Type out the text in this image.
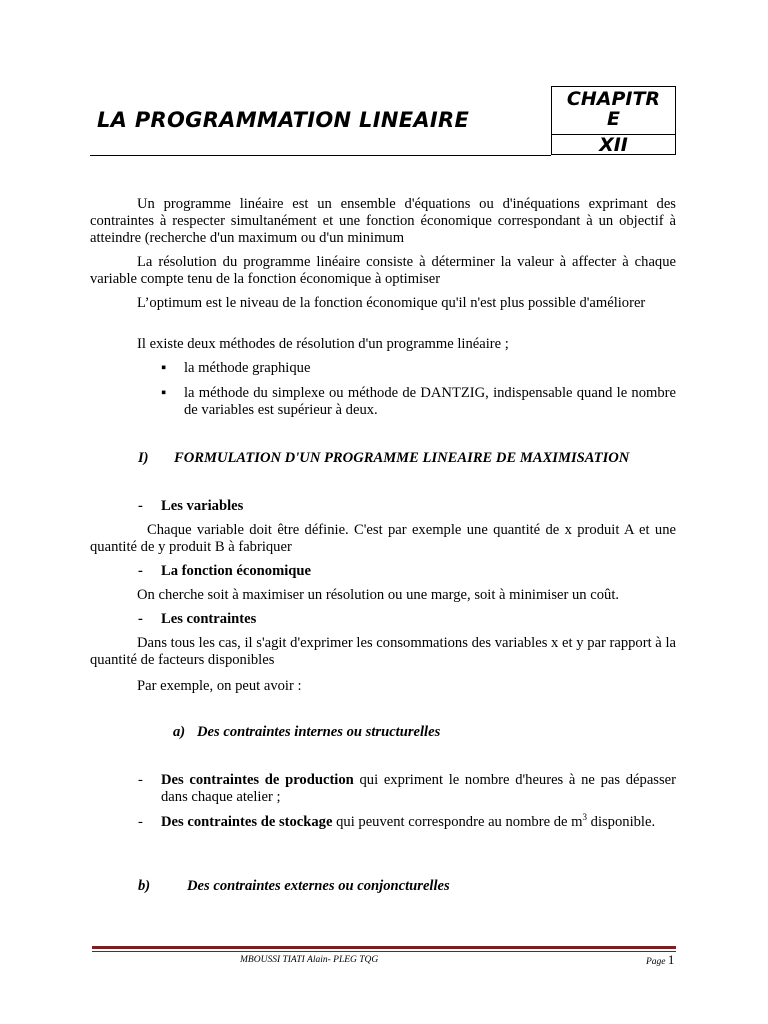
LA PROGRAMMATION LINEAIRE
CHAPITR
E
XII
Un programme linéaire est un ensemble d'équations ou d'inéquations exprimant des contraintes à respecter simultanément et une fonction économique correspondant à un objectif à atteindre (recherche d'un maximum ou d'un minimum
La résolution du programme linéaire consiste à déterminer la valeur à affecter à chaque variable compte tenu de la fonction économique à optimiser
L’optimum est le niveau de la fonction économique qu'il n'est plus possible d'améliorer
Il existe deux méthodes de résolution d'un programme linéaire ;
▪ la méthode graphique
▪ la méthode du simplexe ou méthode de DANTZIG, indispensable quand le nombre de variables est supérieur à deux.
I) FORMULATION D'UN PROGRAMME LINEAIRE DE MAXIMISATION
- Les variables
Chaque variable doit être définie. C'est par exemple une quantité de x produit A et une quantité de y produit B à fabriquer
- La fonction économique
On cherche soit à maximiser un résolution ou une marge, soit à minimiser un coût.
- Les contraintes
Dans tous les cas, il s'agit d'exprimer les consommations des variables x et y par rapport à la quantité de facteurs disponibles
Par exemple, on peut avoir :
a) Des contraintes internes ou structurelles
- Des contraintes de production qui expriment le nombre d'heures à ne pas dépasser dans chaque atelier ;
- Des contraintes de stockage qui peuvent correspondre au nombre de $m^3$ disponible.
b)	Des contraintes externes ou conjoncturelles
MBOUSSI TIATI Alain- PLEG TQG	Page 1
